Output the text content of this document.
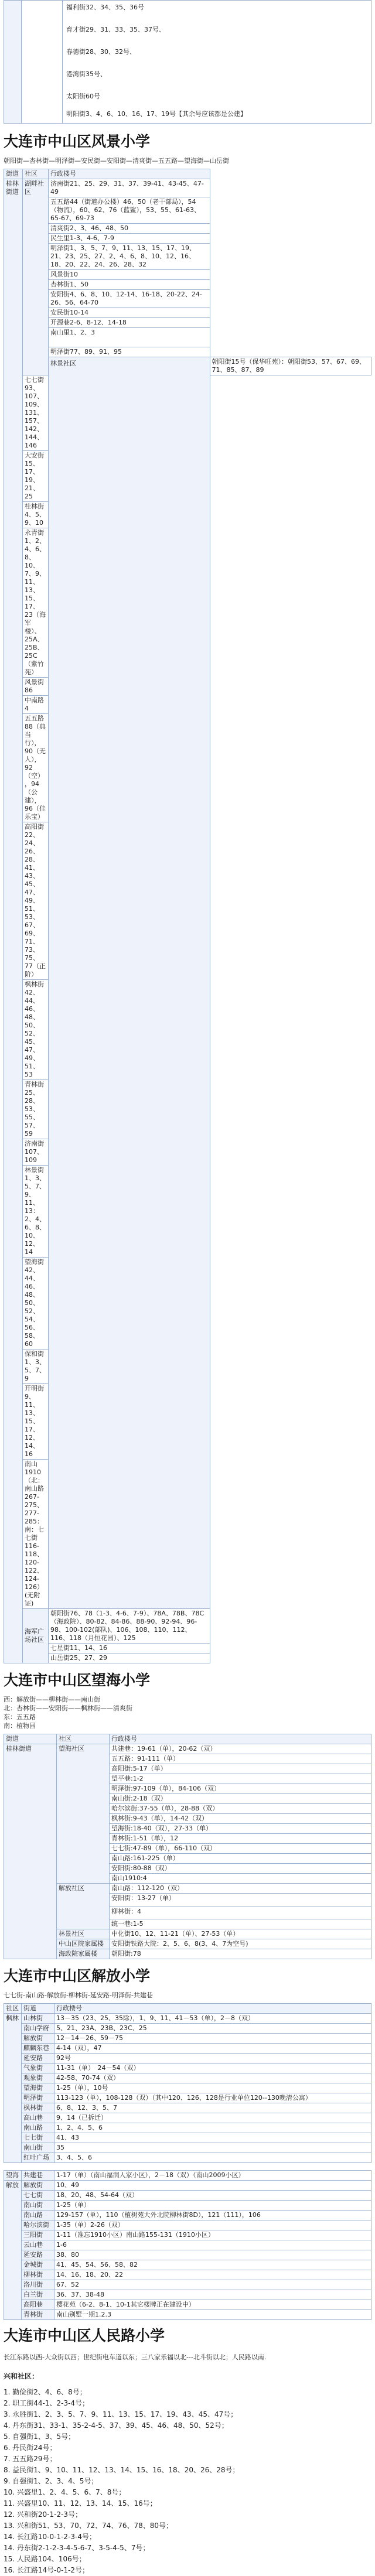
福利街32、34、35、36号
育才街29、31、33、35、37号、
春德街28、30、32号、
港湾街35号、
太阳街60号
明阳街3、4、6、10、16、17、19号【其余号应该都是公建】
大连市中山区风景小学
朝阳街—杏林街—明泽街—安民街—安阳街—清爽街—五五路—望海街—山岳街
街道	社区	行政楼号	
桂林街道	湖畔社区	济南街21、25、29、31、37、39-41、43-45、47-49	
		五五路44（街道办公楼）46、50（老干部局），54（物流），60、62、76（蓝鲨），53、55、61-63、65-67、69-73	
		清爽街2、3、46、48、50	
		民生里1-3、4-6、7-9	
		明泽街1、3、5、7、9、11、13、15、17、19、21、23、25、27、2、4、6、8、10、12、16、18、20、22、24、26、28、32	
		风景街10	
		杏林街1、50	
		安阳街4、6、8、10、12-14、16-18、20-22、24-26、56、64-70	
		安民街10-14	
		开源巷2-6、8-12、14-18	
		南山里1、2、3	
		明泽街77、89、91、95	
		林景社区	朝阳街15号（保华旺苑）：朝阳街53、57、67、69、71、85、87、89
	七七街93、107、109、131、157、142、144、146		
	大安街15、17、19、21、25		
	桂林街4、5、9、10		
	永青街1、2、4、6、8、10、7、9、11、13、15、17、23（海军楼）、25A、25B、25C（紫竹苑）		
	风景街86		
	中南路4		
	五五路88（典当行），90（无人），92（空），94（公建），96（佳乐宝）		
	高阳街22、24、26、28、41、43、45、47、49、51、53、67、69、71、73、75、77（正阶）		
	枫林街42、44、46、48、50、52、45、47、49、51、53		
	青林街25、28、53、55、57、59		
	济南街107、109		
	林景街1、3、5、7、9、11、13：2、4、6、8、10、12、14		
	望海街42、44、46、48、50、52、54、56、58、60		
	保和街1、3、5、7、9		
	开明街9、11、13、15、17、12、14、16		
	南山1910（北：南山路267-275、277-285：南：七七街116-118、120-122、124-126）(无附证)		
	海军广场社区	朝阳街76、78（1-3、4-6、7-9）、78A、78B、78C（海政院）、80-82、84-86、88-90、92-94、96-98、100-102(部队)、106、108、110、112、116、118（月恒花园）、125	
		七星街11、14、16	
		山岳街25、27、29	
大连市中山区望海小学
西：解放街——柳林街——南山街
北：杏林街——安阳街——枫林街——清爽街
东：五五路
南：植物园
街道	社区	行政楼号
桂林街道	望海社区	共建巷：19-61（单），20-62（双）
		五五路：91-111（单）
		高阳街:5-17（单）
		望平巷:1-2
		明泽街:97-109（单），84-106（双）
		南山街:2-18（双）
		哈尔滨街:37-55（单），28-88（双）
		枫林街:9-43（单），14-42（双）
		望海街:18-40（双），27-33（单）
		青林街:1-51（单），12
		七七街:47-89（单），66-110（双）
		南山路:161-225（单）
		安阳街:80-88（双）
		南山1910:4
	解放社区	南山路：112-120（双）
		安阳街：13-27（单）
		柳林街：4
		统一巷:1-5
	林景社区	中化街10、12、11-21（单）、27-53（单）
	中山区院家属楼	安阳街铁路大院：2、5、6、8(3、4、7为空号)
	海政院家属楼	朝阳街:78
大连市中山区解放小学
七七街-南山路-解放街-柳林街-延安路-明泽街-共建巷
社区	街道	行政楼号
枫林	山林街	13－35（23、25、35除），1、9、11、41－53（单），2－8（双）
	南山学府	5、21、23A、23B、23C、25
	解放街	12－14－26、59－75
	麒麟东巷	4-14（双），47
	延安路	92号
	气象街	11-31（单）　24－54（双）
	观象街	42-58、70-74（双）
	望海街	1-25（单），10号
	明泽街	113-123（单），108-128（双）（其中120、126、128是行业单位120--130晚清公寓）
	枫林街	6、8、12、3、5、7
	高山巷	9、14（已拆迁）
	南山路	1、2、4、5、6
	七七街	41、43
	南山街	35
	红叶广场	3、4、5、6

望海	共建巷	1-17（单）（南山福润人家小区），2－18（双）（南山2009小区）
解放	解放街	10、49
	七七街	18、20、48、54-64（双）
	南山街	1-25（单）
	南山路	129-157（单），110（植树苑大外北院柳林街8D），121（111），106
	哈尔滨街	1-35（单）2-26（双）
	三阳街	1-11（准忘1910小区）南山路155-131（1910小区）
	云山巷	1-6
	延安路	38、80
	金城街	41、45、54、56、58、82
	柳林街	14、16、18、20、22
	洛川街	67、52
	白兰街	36、37、38-48
	高阳巷	樱花苑（6-2、8-1、10-1其它楼牌正在建设中）
	青林街	南山别墅一期1.2.3
大连市中山区人民路小学
长江东路以西-大众街以西；世纪街电车道以东；三八家乐福以北---北斗街以北；人民路以南.
兴和社区：
1. 勤俭街2、4、6、8号；
2. 职工街44-1、2-3-4号；
3. 永胜街1、2、3、5、7、9、11、13、15、17、19、43、45、47号；
4. 丹东街31、33-1、35-2-4-5、37、39、45、46、48、50、52号；
5. 自强街1、3、5号；
6. 丹民街24号；
7. 五五路29号；
8. 益民街1、9、10、11、12、13、14、15、16、18、20、26、28号；
9. 自强街1、2、3、4、5号；
10. 兴盛里1、2、4、5、6、7、8号；
11. 兴盛里10、11、12、13、14、15、16号；
12. 兴和街20-1-2-3号；
13. 兴和街51、53、70、72、74、76、78、80号；
14. 长江路10-0-1-2-3-4号；
14. 丹东街2-1-2-3-4-5-6-7、3-5-4-5、7号；
15. 人民路104、106号；
16. 长江路14号-0-1-2号；
